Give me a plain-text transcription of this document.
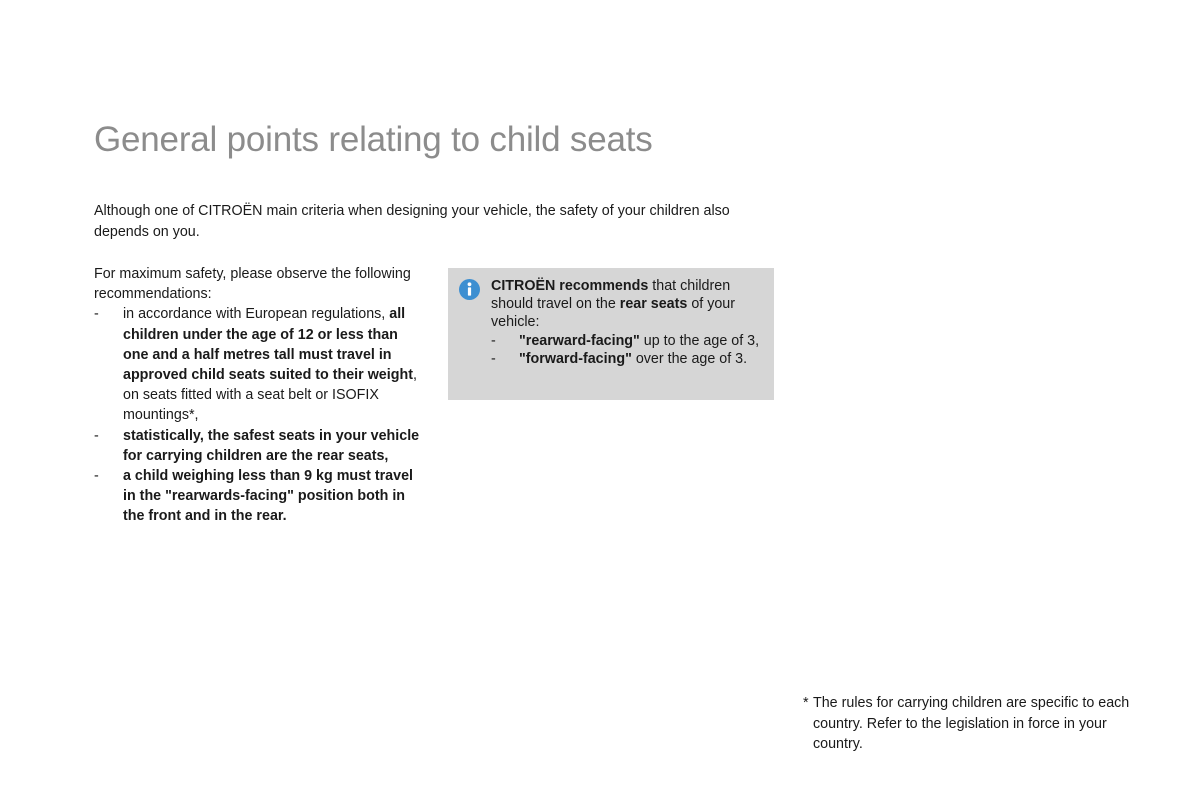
General points relating to child seats

Although one of CITROËN main criteria when designing your vehicle, the safety of your children also depends on you.

For maximum safety, please observe the following recommendations:

- in accordance with European regulations, all children under the age of 12 or less than one and a half metres tall must travel in approved child seats suited to their weight, on seats fitted with a seat belt or ISOFIX mountings*,
- statistically, the safest seats in your vehicle for carrying children are the rear seats,
- a child weighing less than 9 kg must travel in the "rearwards-facing" position both in the front and in the rear.

CITROËN recommends that children should travel on the rear seats of your vehicle:

- "rearward-facing" up to the age of 3,
- "forward-facing" over the age of 3.
* The rules for carrying children are specific to each country. Refer to the legislation in force in your country.
